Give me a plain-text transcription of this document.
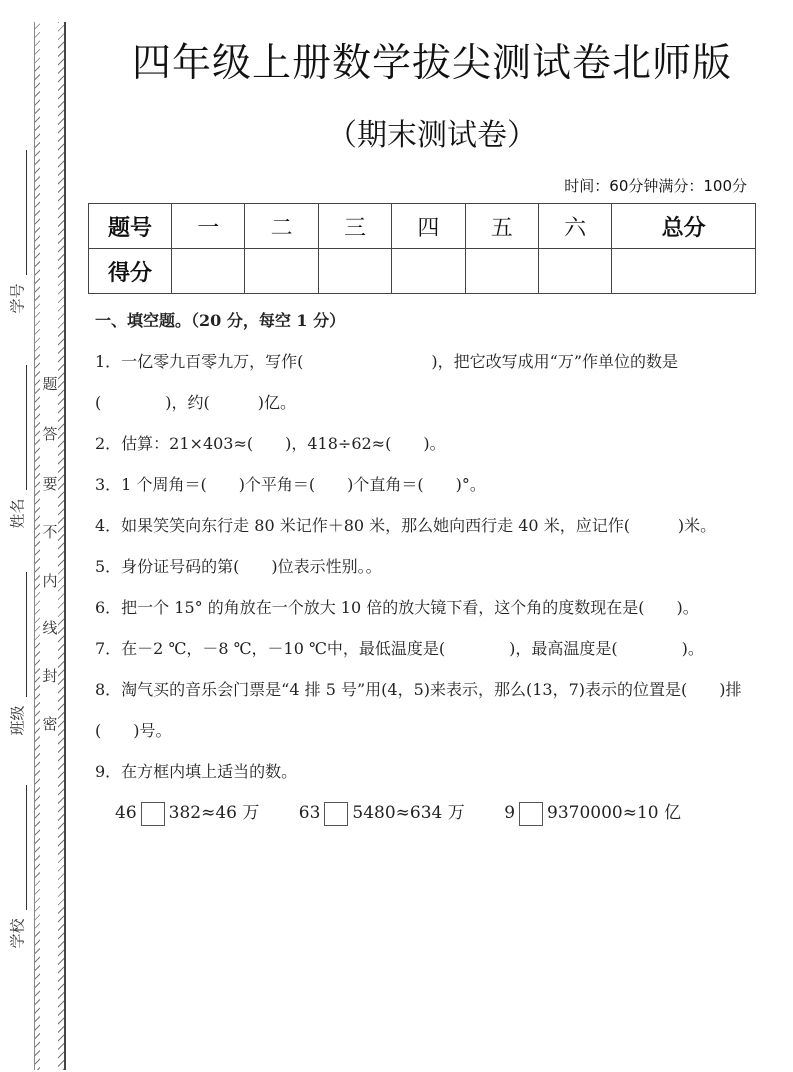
题
答
要
不
内
线
封
密
学号
姓名
班级
学校
四年级上册数学拔尖测试卷北师版
（期末测试卷）
时间：60分钟满分：100分
题号	一	二	三	四	五	六	总分
得分							
一、填空题。（20 分，每空 1 分）

1．一亿零九百零九万，写作(　　　　　　　　)，把它改写成用“万”作单位的数是(　　　　)，约(　　　)亿。

2．估算：21×403≈(　　)，418÷62≈(　　)。

3．1 个周角＝(　　)个平角＝(　　)个直角＝(　　)°。

4．如果笑笑向东行走 80 米记作＋80 米，那么她向西行走 40 米，应记作(　　　)米。

5．身份证号码的第(　　)位表示性别。。

6．把一个 15° 的角放在一个放大 10 倍的放大镜下看，这个角的度数现在是(　　)。

7．在－2 ℃，－8 ℃，－10 ℃中，最低温度是(　　　　)，最高温度是(　　　　)。

8．淘气买的音乐会门票是“4 排 5 号”用(4，5)来表示，那么(13，7)表示的位置是(　　)排(　　)号。

9．在方框内填上适当的数。

46 382≈46 万 63 5480≈634 万 9 9370000≈10 亿
